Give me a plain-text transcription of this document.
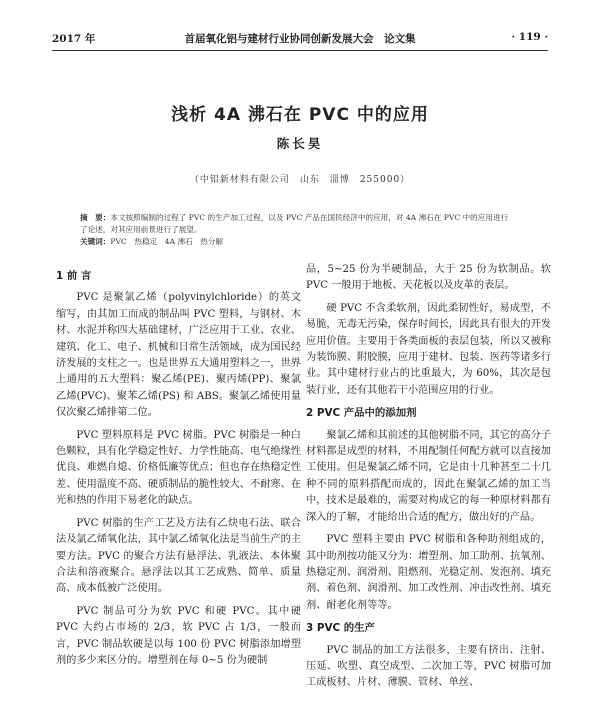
2017 年	首届氧化铝与建材行业协同创新发展大会　论文集	· 119 ·
浅析 4A 沸石在 PVC 中的应用
陈长昊
（中铝新材料有限公司　山东　淄博　255000）
摘　要：本文按照编制的过程了 PVC 的生产加工过程，以及 PVC 产品在国民经济中的应用，对 4A 沸石在 PVC 中的应用进行了论述，对其应用前景进行了展望。
关键词：PVC　热稳定　4A 沸石　热分解
1 前 言

PVC 是聚氯乙烯（polyvinylchloride）的英文缩写，由其加工而成的制品叫 PVC 塑料，与钢材、木材、水泥并称四大基础建材，广泛应用于工业、农业、建筑、化工、电子、机械和日常生活领域，成为国民经济发展的支柱之一。也是世界五大通用塑料之一，世界上通用的五大塑料：聚乙烯(PE)、聚丙烯(PP)、聚氯乙烯(PVC)、聚苯乙烯(PS) 和 ABS。聚氯乙烯使用量仅次聚乙烯排第二位。

PVC 塑料原料是 PVC 树脂。PVC 树脂是一种白色颗粒，具有化学稳定性好、力学性能高、电气绝缘性优良、难燃自熄、价格低廉等优点；但也存在热稳定性差、使用温度不高、硬质制品的脆性较大、不耐寒、在光和热的作用下易老化的缺点。

PVC 树脂的生产工艺及方法有乙炔电石法、联合法及氯乙烯氧化法，其中氯乙烯氧化法是当前生产的主要方法。PVC 的聚合方法有悬浮法、乳液法、本体聚合法和溶液聚合。悬浮法以其工艺成熟、简单、质量高、成本低被广泛使用。

PVC 制品可分为软 PVC 和硬 PVC。其中硬 PVC 大约占市场的 2/3，软 PVC 占 1/3，一般而言，PVC 制品软硬是以每 100 份 PVC 树脂添加增塑剂的多少来区分的。增塑剂在每 0~5 份为硬制

品，5~25 份为半硬制品，大于 25 份为软制品。软 PVC 一般用于地板、天花板以及皮革的表层。

硬 PVC 不含柔软剂，因此柔韧性好，易成型，不易脆，无毒无污染，保存时间长，因此具有很大的开发应用价值。主要用于各类面板的表层包装，所以又被称为装饰膜、附胶膜，应用于建材、包装、医药等诸多行业。其中建材行业占的比重最大，为 60%，其次是包装行业，还有其他若干小范围应用的行业。

2 PVC 产品中的添加剂

聚氯乙烯和其前述的其他树脂不同，其它的高分子材料都是成型的材料，不用配制任何配方就可以直接加工使用。但是聚氯乙烯不同，它是由十几种甚至二十几种不同的原料搭配而成的，因此在聚氯乙烯的加工当中，技术是最难的，需要对构成它的每一种原材料都有深入的了解，才能给出合适的配方，做出好的产品。

PVC 塑料主要由 PVC 树脂和各种助剂组成的，其中助剂按功能又分为：增塑剂、加工助剂、抗氧剂、热稳定剂、润滑剂、阻燃剂、光稳定剂、发泡剂、填充剂、着色剂、润滑剂、加工改性剂、冲击改性剂、填充剂、耐老化剂等等。

3 PVC 的生产

PVC 制品的加工方法很多，主要有挤出、注射、压延、吹塑、真空成型、二次加工等，PVC 树脂可加工成板材、片材、薄膜、管材、单丝、
